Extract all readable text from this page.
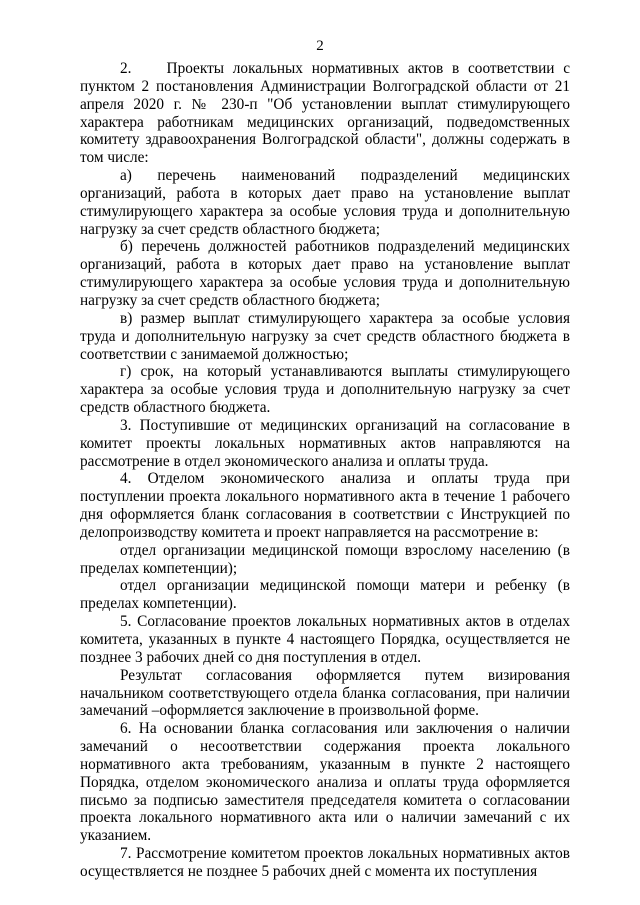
2

2.    Проекты локальных нормативных актов в соответствии с пунктом 2 постановления Администрации Волгоградской области от 21 апреля 2020 г. № 230-п "Об установлении выплат стимулирующего характера работникам медицинских организаций, подведомственных комитету здравоохранения Волгоградской области", должны содержать в том числе:

а) перечень наименований подразделений медицинских организаций, работа в которых дает право на установление выплат стимулирующего характера за особые условия труда и дополнительную нагрузку за счет средств областного бюджета;

б) перечень должностей работников подразделений медицинских организаций, работа в которых дает право на установление выплат стимулирующего характера за особые условия труда и дополнительную нагрузку за счет средств областного бюджета;

в) размер выплат стимулирующего характера за особые условия труда и дополнительную нагрузку за счет средств областного бюджета в соответствии с занимаемой должностью;

г) срок, на который устанавливаются выплаты стимулирующего характера за особые условия труда и дополнительную нагрузку за счет средств областного бюджета.

3. Поступившие от медицинских организаций на согласование в комитет проекты локальных нормативных актов направляются на рассмотрение в отдел экономического анализа и оплаты труда.

4. Отделом экономического анализа и оплаты труда при поступлении проекта локального нормативного акта в течение 1 рабочего дня оформляется бланк согласования в соответствии с Инструкцией по делопроизводству комитета и проект направляется на рассмотрение в:

отдел организации медицинской помощи взрослому населению (в пределах компетенции);

отдел организации медицинской помощи матери и ребенку (в пределах компетенции).

5. Согласование проектов локальных нормативных актов в отделах комитета, указанных в пункте 4 настоящего Порядка, осуществляется не позднее 3 рабочих дней со дня поступления в отдел.

Результат согласования оформляется путем визирования начальником соответствующего отдела бланка согласования, при наличии замечаний –оформляется заключение в произвольной форме.

6. На основании бланка согласования или заключения о наличии замечаний о несоответствии содержания проекта локального нормативного акта требованиям, указанным в пункте 2 настоящего Порядка, отделом экономического анализа и оплаты труда оформляется письмо за подписью заместителя председателя комитета о согласовании проекта локального нормативного акта или о наличии замечаний с их указанием.

7. Рассмотрение комитетом проектов локальных нормативных актов осуществляется не позднее 5 рабочих дней с момента их поступления
